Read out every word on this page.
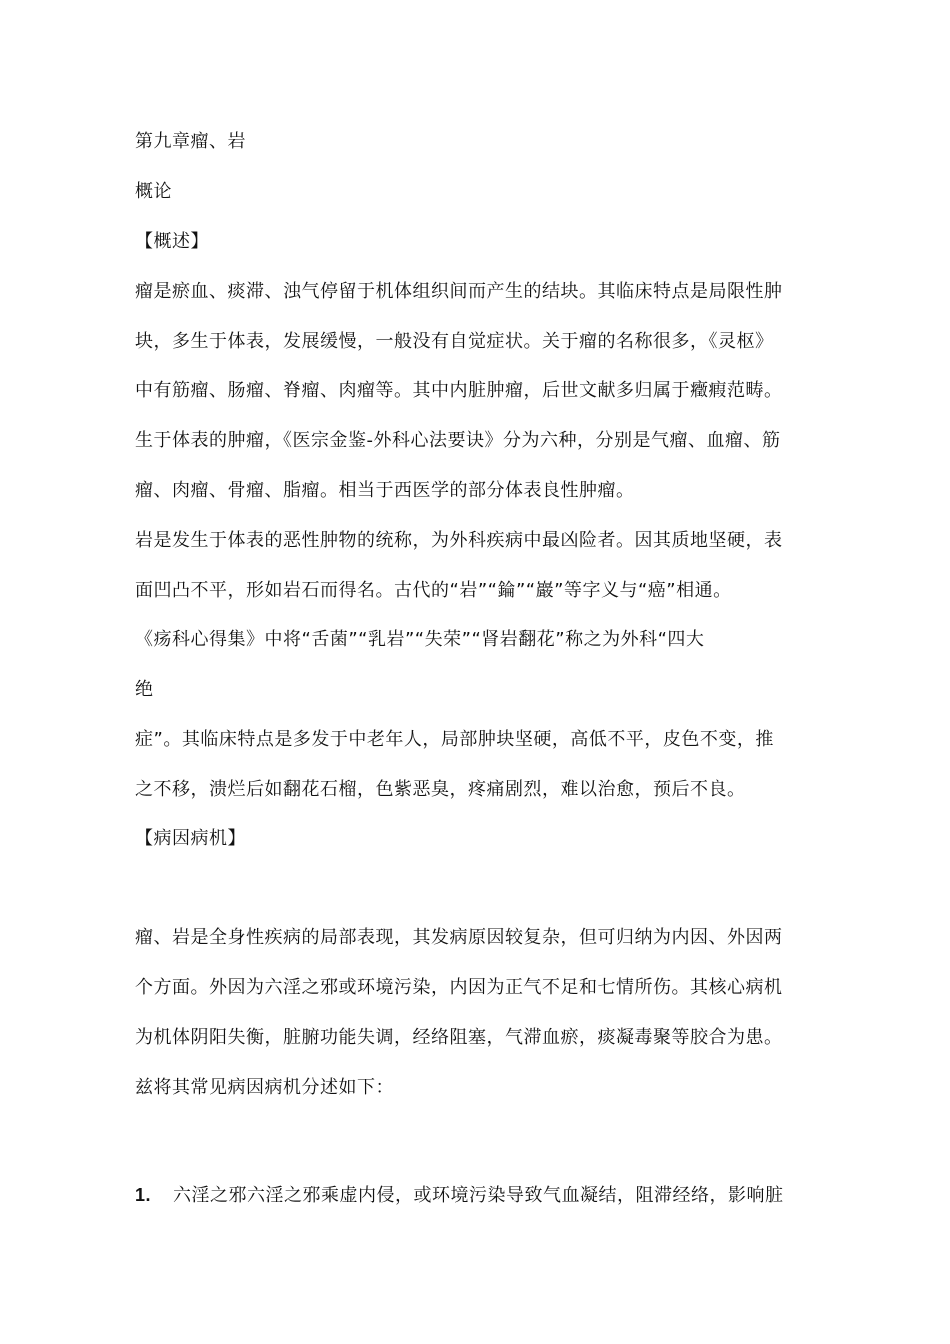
第九章瘤、岩
概论
【概述】
瘤是瘀血、痰滞、浊气停留于机体组织间而产生的结块。其临床特点是局限性肿
块，多生于体表，发展缓慢，一般没有自觉症状。关于瘤的名称很多，《灵枢》
中有筋瘤、肠瘤、脊瘤、肉瘤等。其中内脏肿瘤，后世文献多归属于癥瘕范畴。
生于体表的肿瘤，《医宗金鉴-外科心法要诀》分为六种，分别是气瘤、血瘤、筋
瘤、肉瘤、骨瘤、脂瘤。相当于西医学的部分体表良性肿瘤。
岩是发生于体表的恶性肿物的统称，为外科疾病中最凶险者。因其质地坚硬，表
面凹凸不平，形如岩石而得名。古代的“岩”“錀”“巖”等字义与“癌”相通。
《疡科心得集》中将“舌菌”“乳岩”“失荣”“肾岩翻花”称之为外科“四大
绝
症”。其临床特点是多发于中老年人，局部肿块坚硬，高低不平，皮色不变，推
之不移，溃烂后如翻花石榴，色紫恶臭，疼痛剧烈，难以治愈，预后不良。
【病因病机】
瘤、岩是全身性疾病的局部表现，其发病原因较复杂，但可归纳为内因、外因两
个方面。外因为六淫之邪或环境污染，内因为正气不足和七情所伤。其核心病机
为机体阴阳失衡，脏腑功能失调，经络阻塞，气滞血瘀，痰凝毒聚等胶合为患。
兹将其常见病因病机分述如下：
1. 六淫之邪六淫之邪乘虚内侵，或环境污染导致气血凝结，阻滞经络，影响脏
